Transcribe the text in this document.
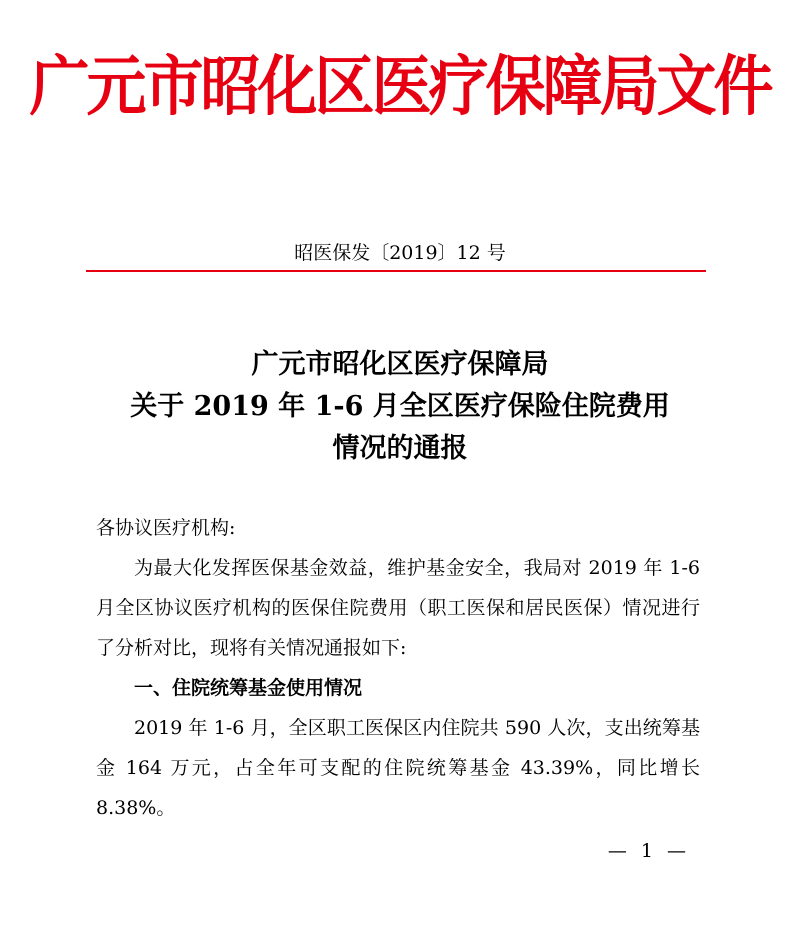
广元市昭化区医疗保障局文件
昭医保发〔2019〕12 号
广元市昭化区医疗保障局
关于 2019 年 1-6 月全区医疗保险住院费用
情况的通报
各协议医疗机构:
为最大化发挥医保基金效益，维护基金安全，我局对 2019 年 1-6 月全区协议医疗机构的医保住院费用（职工医保和居民医保）情况进行了分析对比，现将有关情况通报如下:
一、住院统筹基金使用情况
2019 年 1-6 月，全区职工医保区内住院共 590 人次，支出统筹基金 164 万元，占全年可支配的住院统筹基金 43.39%，同比增长 8.38%。
— 1 —
